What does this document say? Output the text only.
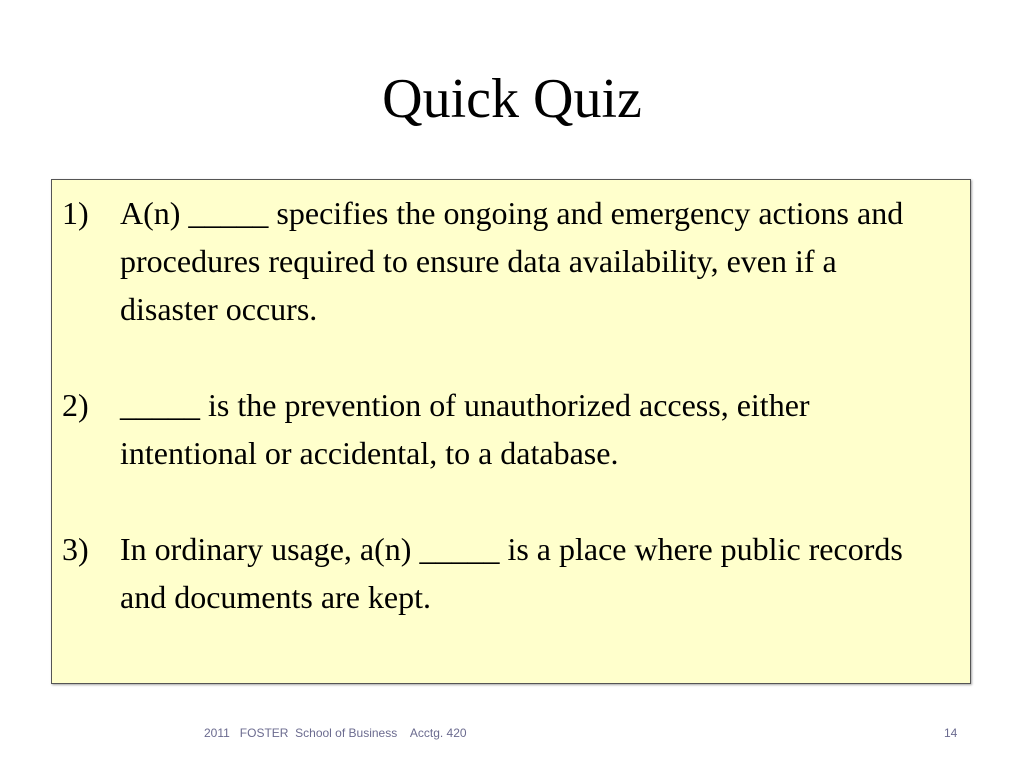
Quick Quiz
1) A(n) _____ specifies the ongoing and emergency actions and procedures required to ensure data availability, even if a disaster occurs.
2) _____ is the prevention of unauthorized access, either intentional or accidental, to a database.
3) In ordinary usage, a(n) _____ is a place where public records and documents are kept.
2011   FOSTER  School of Business    Acctg. 420	14
